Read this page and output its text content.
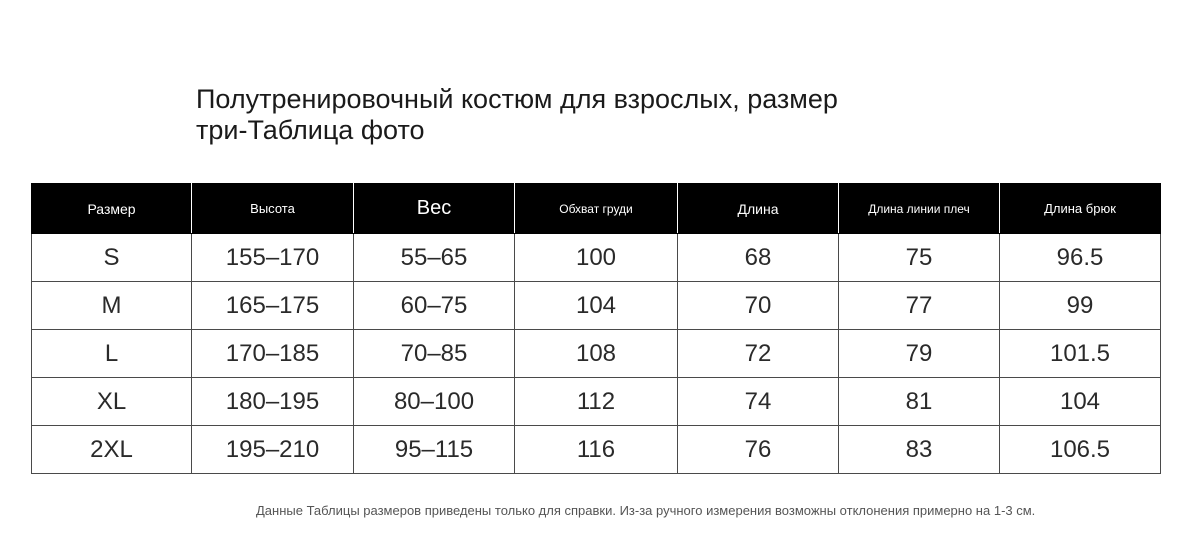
Полутренировочный костюм для взрослых, размер
три-Таблица фото
Размер	Высота	Вес	Обхват груди	Длина	Длина линии плеч	Длина брюк
S	155–170	55–65	100	68	75	96.5
M	165–175	60–75	104	70	77	99
L	170–185	70–85	108	72	79	101.5
XL	180–195	80–100	112	74	81	104
2XL	195–210	95–115	116	76	83	106.5
Данные Таблицы размеров приведены только для справки. Из-за ручного измерения возможны отклонения примерно на 1-3 см.
